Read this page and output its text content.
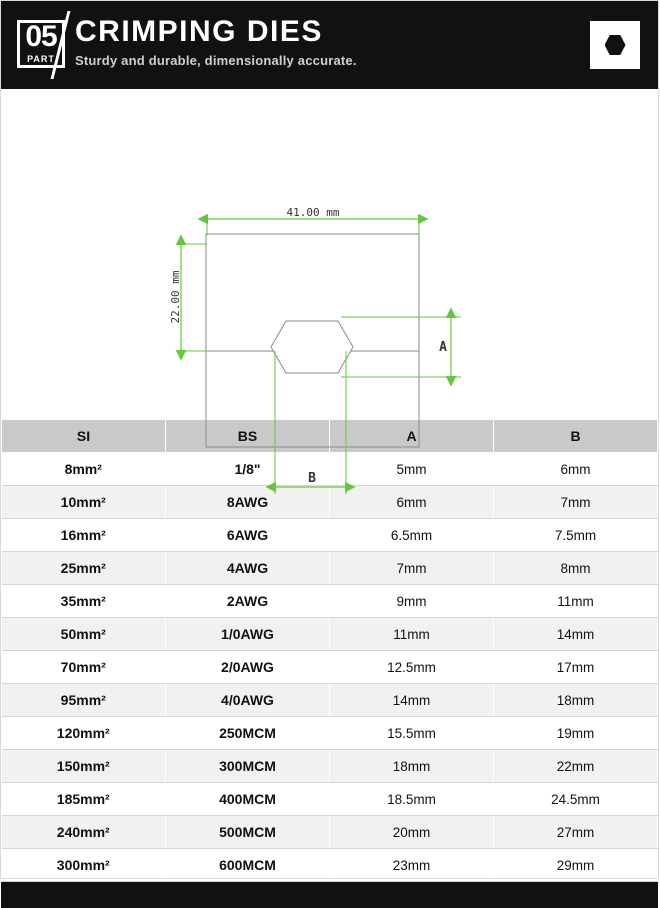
05
PART
CRIMPING DIES
Sturdy and durable, dimensionally accurate.
41.00 mm
22.00 mm
A
B
SI	BS	A	B
8mm²	1/8"	5mm	6mm
10mm²	8AWG	6mm	7mm
16mm²	6AWG	6.5mm	7.5mm
25mm²	4AWG	7mm	8mm
35mm²	2AWG	9mm	11mm
50mm²	1/0AWG	11mm	14mm
70mm²	2/0AWG	12.5mm	17mm
95mm²	4/0AWG	14mm	18mm
120mm²	250MCM	15.5mm	19mm
150mm²	300MCM	18mm	22mm
185mm²	400MCM	18.5mm	24.5mm
240mm²	500MCM	20mm	27mm
300mm²	600MCM	23mm	29mm
